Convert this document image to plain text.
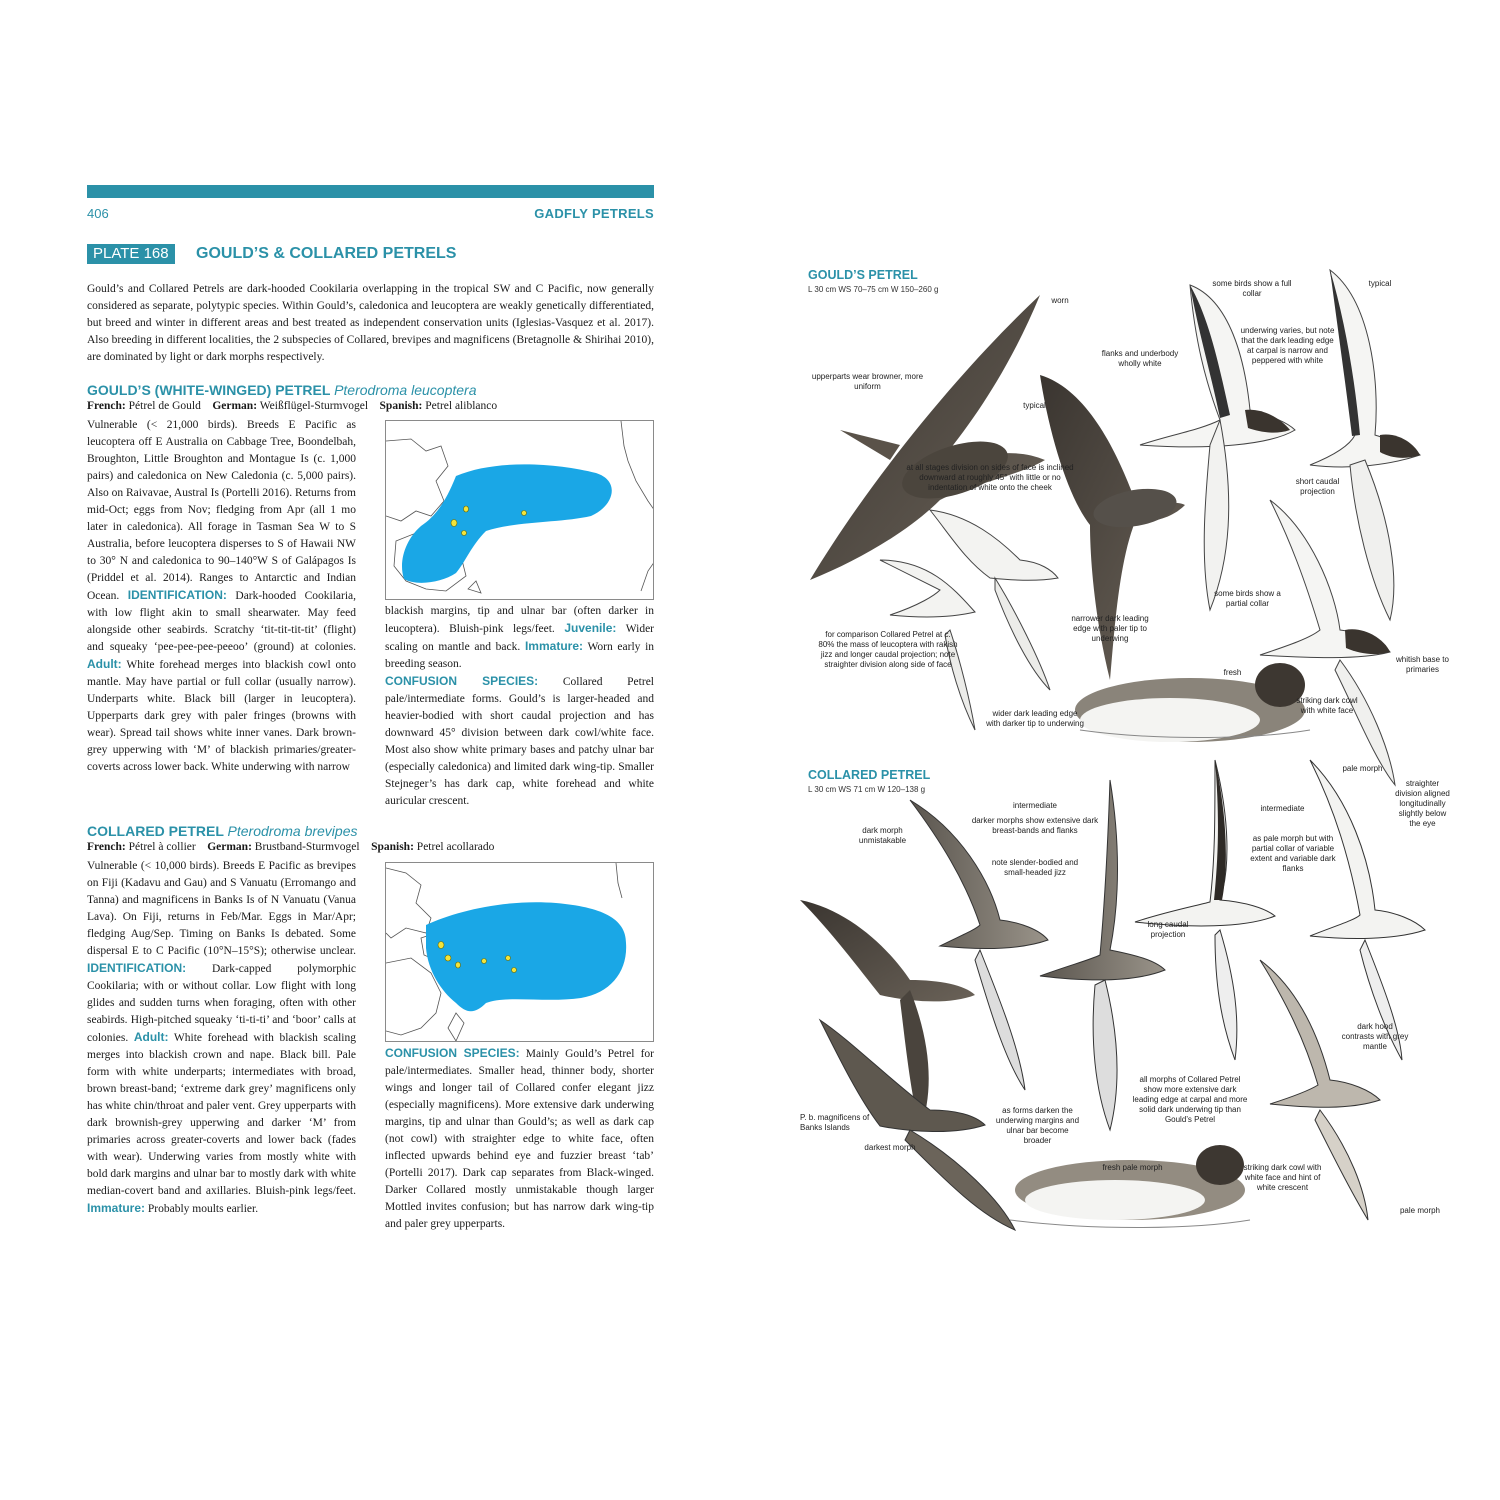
406	GADFLY PETRELS
PLATE 168	GOULD’S & COLLARED PETRELS

Gould’s and Collared Petrels are dark-hooded Cookilaria overlapping in the tropical SW and C Pacific, now generally considered as separate, polytypic species. Within Gould’s, caledonica and leucoptera are weakly genetically differentiated, but breed and winter in different areas and best treated as independent conservation units (Iglesias-Vasquez et al. 2017). Also breeding in different localities, the 2 subspecies of Collared, brevipes and magnificens (Bretagnolle & Shirihai 2010), are dominated by light or dark morphs respectively.

GOULD’S (WHITE-WINGED) PETREL Pterodroma leucoptera
French: Pétrel de Gould German: Weißflügel-Sturmvogel Spanish: Petrel aliblanco
Vulnerable (< 21,000 birds). Breeds E Pacific as leucoptera off E Australia on Cabbage Tree, Boondelbah, Broughton, Little Broughton and Montague Is (c. 1,000 pairs) and caledonica on New Caledonia (c. 5,000 pairs). Also on Raivavae, Austral Is (Portelli 2016). Returns from mid-Oct; eggs from Nov; fledging from Apr (all 1 mo later in caledonica). All forage in Tasman Sea W to S Australia, before leucoptera disperses to S of Hawaii NW to 30° N and caledonica to 90–140°W S of Galápagos Is (Priddel et al. 2014). Ranges to Antarctic and Indian Ocean. IDENTIFICATION: Dark-hooded Cookilaria, with low flight akin to small shearwater. May feed alongside other seabirds. Scratchy ‘tit-tit-tit-tit’ (flight) and squeaky ‘pee-pee-pee-peeoo’ (ground) at colonies. Adult: White forehead merges into blackish cowl onto mantle. May have partial or full collar (usually narrow). Underparts white. Black bill (larger in leucoptera). Upperparts dark grey with paler fringes (browns with wear). Spread tail shows white inner vanes. Dark brown-grey upperwing with ‘M’ of blackish primaries/greater-coverts across lower back. White underwing with narrow
blackish margins, tip and ulnar bar (often darker in leucoptera). Bluish-pink legs/feet. Juvenile: Wider scaling on mantle and back. Immature: Worn early in breeding season.
CONFUSION SPECIES: Collared Petrel pale/intermediate forms. Gould’s is larger-headed and heavier-bodied with short caudal projection and has downward 45° division between dark cowl/white face. Most also show white primary bases and patchy ulnar bar (especially caledonica) and limited dark wing-tip. Smaller Stejneger’s has dark cap, white forehead and white auricular crescent.
COLLARED PETREL Pterodroma brevipes
French: Pétrel à collier German: Brustband-Sturmvogel Spanish: Petrel acollarado
Vulnerable (< 10,000 birds). Breeds E Pacific as brevipes on Fiji (Kadavu and Gau) and S Vanuatu (Erromango and Tanna) and magnificens in Banks Is of N Vanuatu (Vanua Lava). On Fiji, returns in Feb/Mar. Eggs in Mar/Apr; fledging Aug/Sep. Timing on Banks Is debated. Some dispersal E to C Pacific (10°N–15°S); otherwise unclear. IDENTIFICATION: Dark-capped polymorphic Cookilaria; with or without collar. Low flight with long glides and sudden turns when foraging, often with other seabirds. High-pitched squeaky ‘ti-ti-ti’ and ‘boor’ calls at colonies. Adult: White forehead with blackish scaling merges into blackish crown and nape. Black bill. Pale form with white underparts; intermediates with broad, brown breast-band; ‘extreme dark grey’ magnificens only has white chin/throat and paler vent. Grey upperparts with dark brownish-grey upperwing and darker ‘M’ from primaries across greater-coverts and lower back (fades with wear). Underwing varies from mostly white with bold dark margins and ulnar bar to mostly dark with white median-covert band and axillaries. Bluish-pink legs/feet. Immature: Probably moults earlier.
CONFUSION SPECIES: Mainly Gould’s Petrel for pale/intermediates. Smaller head, thinner body, shorter wings and longer tail of Collared confer elegant jizz (especially magnificens). More extensive dark underwing margins, tip and ulnar than Gould’s; as well as dark cap (not cowl) with straighter edge to white face, often inflected upwards behind eye and fuzzier breast ‘tab’ (Portelli 2017). Dark cap separates from Black-winged. Darker Collared mostly unmistakable though larger Mottled invites confusion; but has narrow dark wing-tip and paler grey upperparts.
GOULD’S PETREL
L 30 cm WS 70–75 cm W 150–260 g
COLLARED PETREL
L 30 cm WS 71 cm W 120–138 g
worn
some birds show a full collar
typical
underwing varies, but note that the dark leading edge at carpal is narrow and peppered with white
flanks and underbody wholly white
upperparts wear browner, more uniform
typical
at all stages division on sides of face is inclined downward at roughly 45° with little or no indentation of white onto the cheek
short caudal projection
some birds show a partial collar
narrower dark leading edge with paler tip to underwing
for comparison Collared Petrel at c. 80% the mass of leucoptera with rakish jizz and longer caudal projection; note straighter division along side of face
fresh
whitish base to primaries
striking dark cowl with white face
wider dark leading edge with darker tip to underwing
pale morph
straighter division aligned longitudinally slightly below the eye
intermediate
darker morphs show extensive dark breast-bands and flanks
intermediate
dark morph unmistakable
note slender-bodied and small-headed jizz
as pale morph but with partial collar of variable extent and variable dark flanks
long caudal projection
dark hood contrasts with grey mantle
all morphs of Collared Petrel show more extensive dark leading edge at carpal and more solid dark underwing tip than Gould’s Petrel
P. b. magnificens of Banks Islands
as forms darken the underwing margins and ulnar bar become broader
darkest morph
fresh pale morph	striking dark cowl with white face and hint of white crescent
pale morph
